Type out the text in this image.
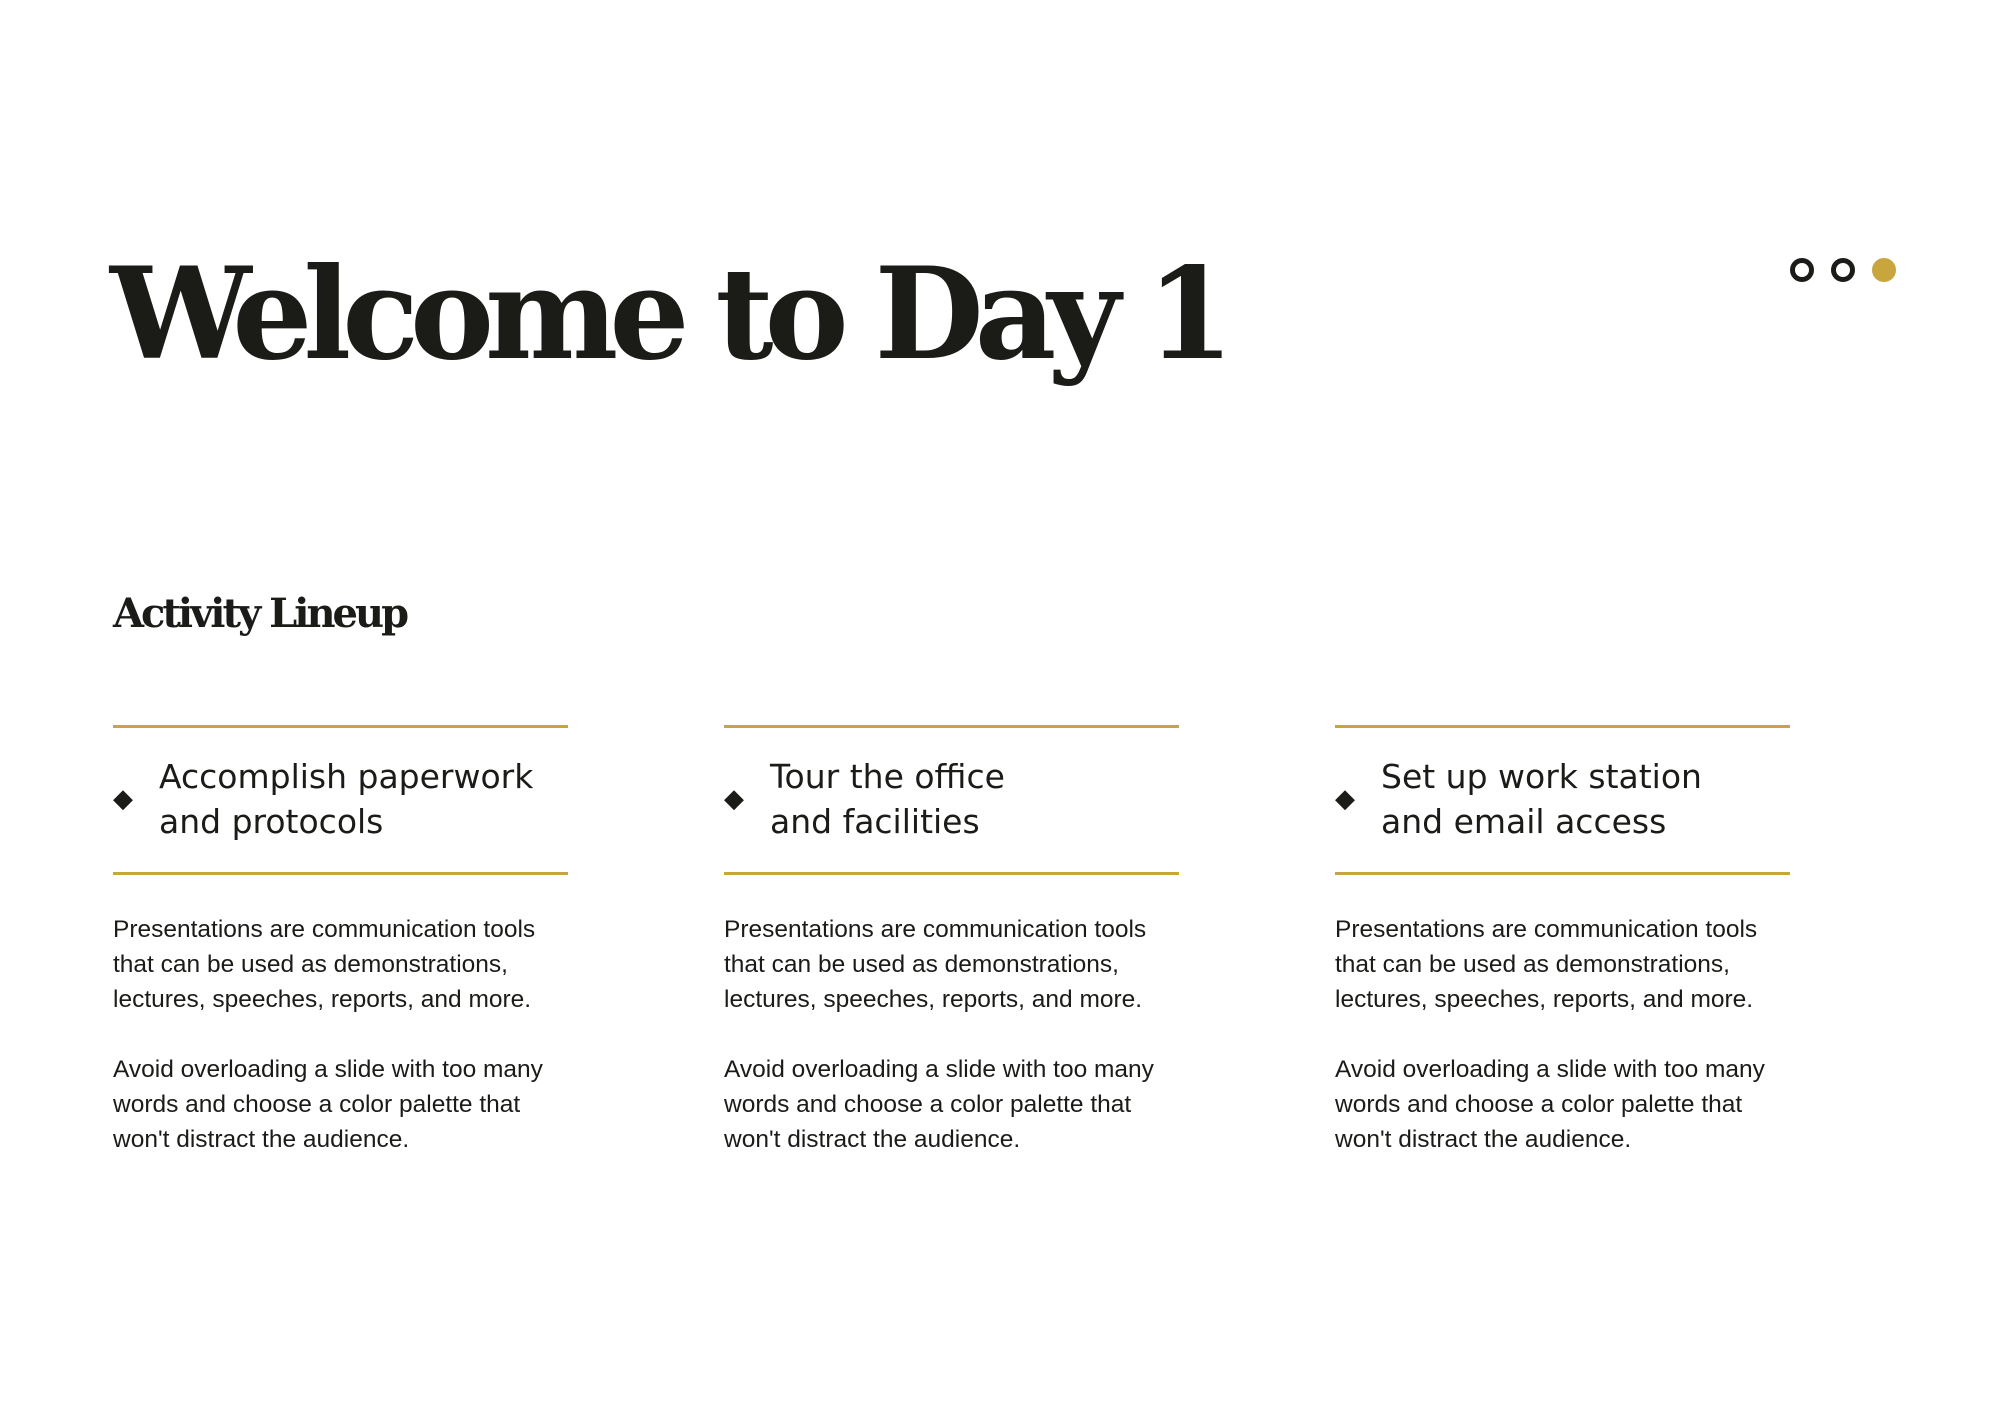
Welcome to Day 1
Activity Lineup
◆
Accomplish paperwork
and protocols

Presentations are communication tools
that can be used as demonstrations,
lectures, speeches, reports, and more.

Avoid overloading a slide with too many
words and choose a color palette that
won't distract the audience.

◆
Tour the office
and facilities

Presentations are communication tools
that can be used as demonstrations,
lectures, speeches, reports, and more.

Avoid overloading a slide with too many
words and choose a color palette that
won't distract the audience.

◆
Set up work station
and email access

Presentations are communication tools
that can be used as demonstrations,
lectures, speeches, reports, and more.

Avoid overloading a slide with too many
words and choose a color palette that
won't distract the audience.
